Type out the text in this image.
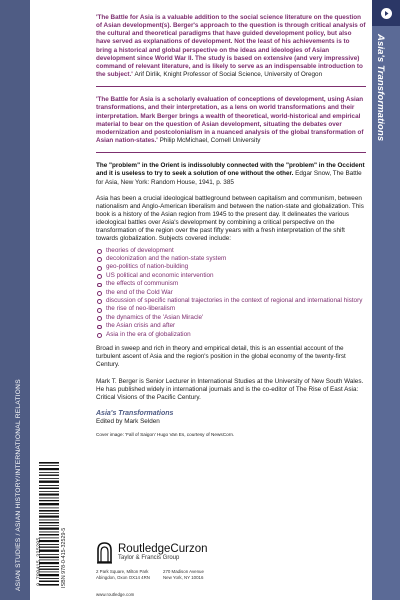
ASIAN STUDIES / ASIAN HISTORY/INTERNATIONAL RELATIONS
Asia's Transformations

'The Battle for Asia is a valuable addition to the social science literature on the question of Asian development(s). Berger's approach to the question is through critical analysis of the cultural and theoretical paradigms that have guided development policy, but also have served as explanations of development. Not the least of his achievements is to bring a historical and global perspective on the ideas and ideologies of Asian development since World War II. The study is based on extensive (and very impressive) command of relevant literature, and is likely to serve as an indispensable introduction to the subject.' Arif Dirlik, Knight Professor of Social Science, University of Oregon

'The Battle for Asia is a scholarly evaluation of conceptions of development, using Asian transformations, and their interpretation, as a lens on world transformations and their interpretation. Mark Berger brings a wealth of theoretical, world-historical and empirical material to bear on the question of Asian development, situating the debates over modernization and postcolonialism in a nuanced analysis of the global transformation of Asian nation-states.' Philip McMichael, Cornell University

The "problem" in the Orient is indissolubly connected with the "problem" in the Occident and it is useless to try to seek a solution of one without the other. Edgar Snow, The Battle for Asia, New York: Random House, 1941, p. 385

Asia has been a crucial ideological battleground between capitalism and communism, between nationalism and Anglo-American liberalism and between the nation-state and globalization. This book is a history of the Asian region from 1945 to the present day. It delineates the various ideological battles over Asia's development by combining a critical perspective on the transformation of the region over the past fifty years with a fresh interpretation of the shift towards globalization. Subjects covered include:

theories of development
decolonization and the nation-state system
geo-politics of nation-building
US political and economic intervention
the effects of communism
the end of the Cold War
discussion of specific national trajectories in the context of regional and international history
the rise of neo-liberalism
the dynamics of the 'Asian Miracle'
the Asian crisis and after
Asia in the era of globalization

Broad in sweep and rich in theory and empirical detail, this is an essential account of the turbulent ascent of Asia and the region's position in the global economy of the twenty-first Century.

Mark T. Berger is Senior Lecturer in International Studies at the University of New South Wales. He has published widely in international journals and is the co-editor of The Rise of East Asia: Critical Visions of the Pacific Century.

Asia's Transformations

Edited by Mark Selden

Cover image: 'Fall of Saigon' Hugo Van Es, courtesy of NewsCorn.

ISBN 978-0-415-32529-5
9 780415 325295	RoutledgeCurzon
Taylor & Francis Group
2 Park Square, Milton Park
Abingdon, Oxon OX14 4RN
270 Madison Avenue
New York, NY 10016
www.routledge.com
